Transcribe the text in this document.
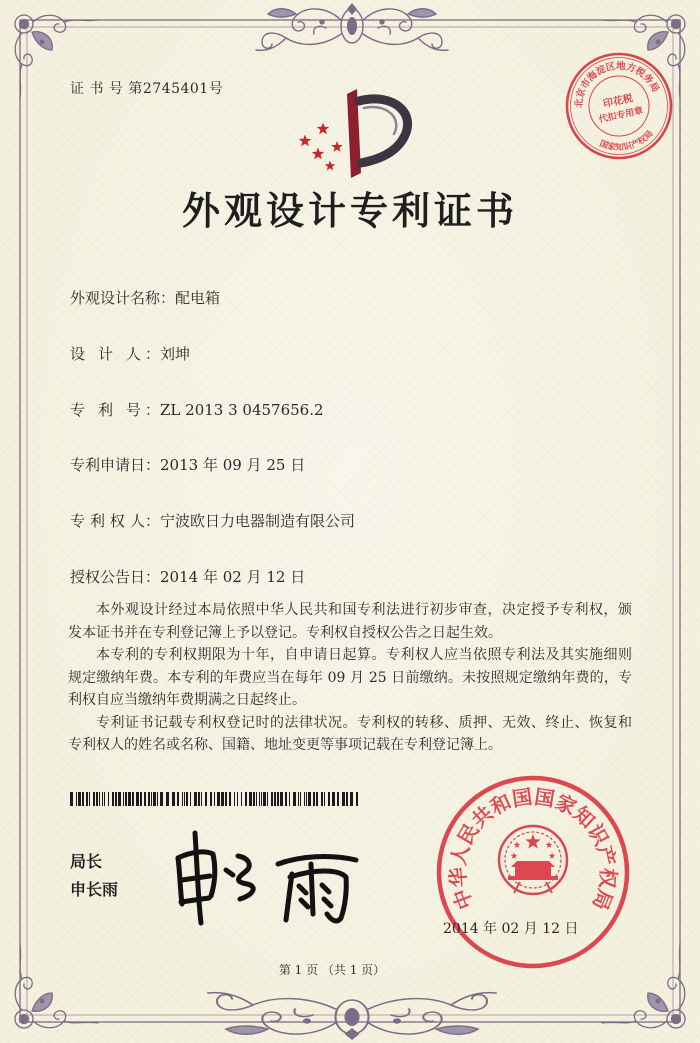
证 书 号 第2745401号
外观设计专利证书
外观设计名称：配电箱
设 计 人：刘坤
专 利 号：ZL 2013 3 0457656.2
专利申请日：2013 年 09 月 25 日
专 利 权 人：宁波欧日力电器制造有限公司
授权公告日：2014 年 02 月 12 日
本外观设计经过本局依照中华人民共和国专利法进行初步审查，决定授予专利权，颁
发本证书并在专利登记簿上予以登记。专利权自授权公告之日起生效。
本专利的专利权期限为十年，自申请日起算。专利权人应当依照专利法及其实施细则
规定缴纳年费。本专利的年费应当在每年 09 月 25 日前缴纳。未按照规定缴纳年费的，专
利权自应当缴纳年费期满之日起终止。
专利证书记载专利权登记时的法律状况。专利权的转移、质押、无效、终止、恢复和
专利权人的姓名或名称、国籍、地址变更等事项记载在专利登记簿上。
局长
申长雨
第 1 页 （共 1 页）
北京市海淀区地方税务局
国家知识产权局
印花税
代扣专用章
中华人民共和国国家知识产权局
2014 年 02 月 12 日
